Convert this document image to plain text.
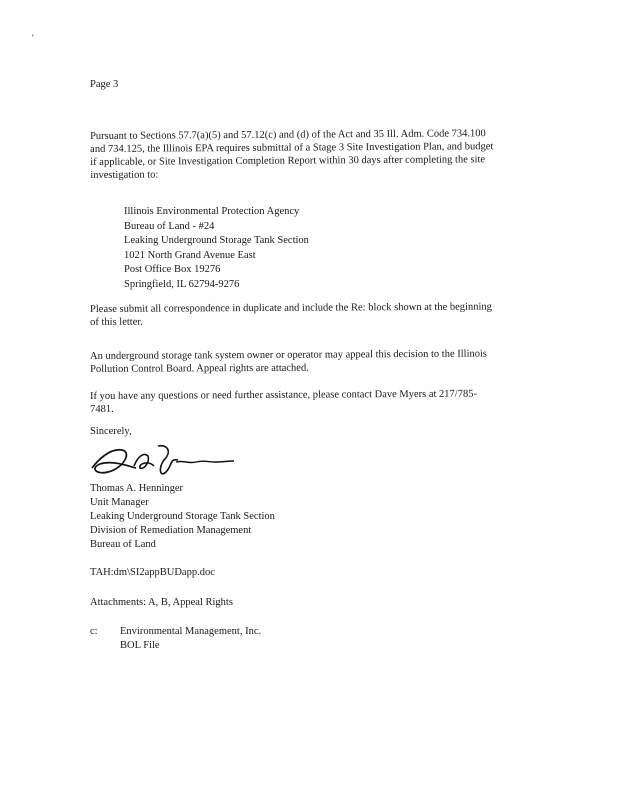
'
Page 3
Pursuant to Sections 57.7(a)(5) and 57.12(c) and (d) of the Act and 35 Ill. Adm. Code 734.100
and 734.125, the Illinois EPA requires submittal of a Stage 3 Site Investigation Plan, and budget
if applicable, or Site Investigation Completion Report within 30 days after completing the site
investigation to:
Illinois Environmental Protection Agency
Bureau of Land - #24
Leaking Underground Storage Tank Section
1021 North Grand Avenue East
Post Office Box 19276
Springfield, IL 62794-9276
Please submit all correspondence in duplicate and include the Re: block shown at the beginning
of this letter.
An underground storage tank system owner or operator may appeal this decision to the Illinois
Pollution Control Board. Appeal rights are attached.
If you have any questions or need further assistance, please contact Dave Myers at 217/785-
7481.
Sincerely,
Thomas A. Henninger
Unit Manager
Leaking Underground Storage Tank Section
Division of Remediation Management
Bureau of Land
TAH:dm\SI2appBUDapp.doc
Attachments: A, B, Appeal Rights
c: Environmental Management, Inc.
BOL File
